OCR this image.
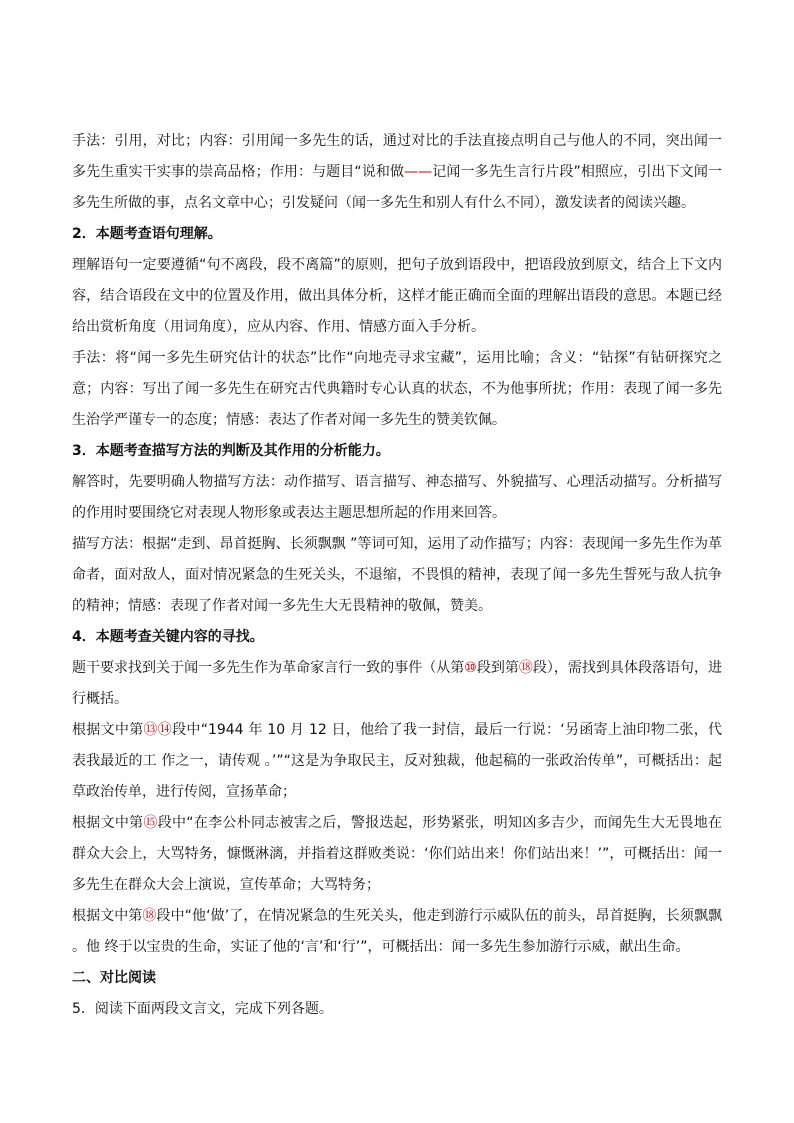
手法：引用，对比；内容：引用闻一多先生的话，通过对比的手法直接点明自己与他人的不同，突出闻一多先生重实干实事的崇高品格；作用：与题目“说和做——记闻一多先生言行片段”相照应，引出下文闻一多先生所做的事，点名文章中心；引发疑问（闻一多先生和别人有什么不同），激发读者的阅读兴趣。

2．本题考查语句理解。

理解语句一定要遵循“句不离段，段不离篇”的原则，把句子放到语段中，把语段放到原文，结合上下文内容，结合语段在文中的位置及作用，做出具体分析，这样才能正确而全面的理解出语段的意思。本题已经给出赏析角度（用词角度），应从内容、作用、情感方面入手分析。

手法：将“闻一多先生研究估计的状态”比作“向地壳寻求宝藏”，运用比喻；含义：“钻探”有钻研探究之意；内容：写出了闻一多先生在研究古代典籍时专心认真的状态，不为他事所扰；作用：表现了闻一多先生治学严谨专一的态度；情感：表达了作者对闻一多先生的赞美钦佩。

3．本题考查描写方法的判断及其作用的分析能力。

解答时，先要明确人物描写方法：动作描写、语言描写、神态描写、外貌描写、心理活动描写。分析描写的作用时要围绕它对表现人物形象或表达主题思想所起的作用来回答。

描写方法：根据“走到、昂首挺胸、长须飘飘 ”等词可知，运用了动作描写；内容：表现闻一多先生作为革命者，面对敌人，面对情况紧急的生死关头，不退缩，不畏惧的精神，表现了闻一多先生誓死与敌人抗争的精神；情感：表现了作者对闻一多先生大无畏精神的敬佩，赞美。

4．本题考查关键内容的寻找。

题干要求找到关于闻一多先生作为革命家言行一致的事件（从第⑩段到第⑱段），需找到具体段落语句，进行概括。

根据文中第⑬⑭段中“1944 年 10 月 12 日，他给了我一封信，最后一行说：‘另函寄上油印物二张，代表我最近的工 作之一，请传观 。’”“这是为争取民主，反对独裁，他起稿的一张政治传单”，可概括出：起草政治传单，进行传阅，宣扬革命；

根据文中第⑮段中“在李公朴同志被害之后，警报迭起，形势紧张，明知凶多吉少，而闻先生大无畏地在群众大会上，大骂特务，慷慨淋漓，并指着这群败类说：‘你们站出来！你们站出来！’”，可概括出：闻一多先生在群众大会上演说，宣传革命；大骂特务；

根据文中第⑱段中“他‘做’了，在情况紧急的生死关头，他走到游行示威队伍的前头，昂首挺胸，长须飘飘 。他 终于以宝贵的生命，实证了他的‘言’和‘行’”，可概括出：闻一多先生参加游行示威，献出生命。

二、对比阅读

5．阅读下面两段文言文，完成下列各题。
